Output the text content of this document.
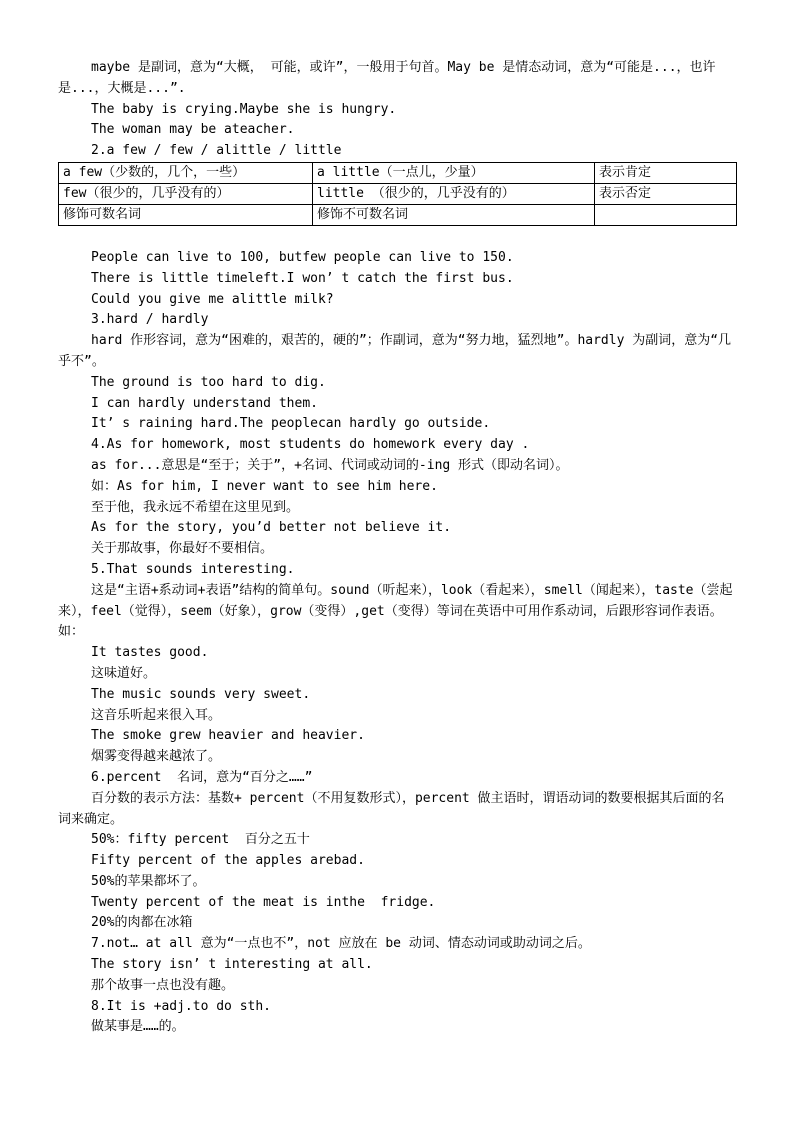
maybe 是副词，意为“大概， 可能，或许”，一般用于句首。May be 是情态动词，意为“可能是...，也许是...，大概是...”.

The baby is crying.Maybe she is hungry.

The woman may be ateacher.

2.a few / few / alittle / little

a few（少数的，几个，一些）	a little（一点儿，少量）	表示肯定
few（很少的，几乎没有的）	little （很少的，几乎没有的）	表示否定
修饰可数名词	修饰不可数名词	

People can live to 100, butfew people can live to 150.

There is little timeleft.I won’ t catch the first bus.

Could you give me alittle milk?

3.hard / hardly

hard 作形容词，意为“困难的，艰苦的，硬的”；作副词，意为“努力地，猛烈地”。hardly 为副词，意为“几乎不”。

The ground is too hard to dig.

I can hardly understand them.

It’ s raining hard.The peoplecan hardly go outside.

4.As for homework, most students do homework every day .

as for...意思是“至于；关于”，+名词、代词或动词的-ing 形式（即动名词）。

如：As for him, I never want to see him here.

至于他，我永远不希望在这里见到。

As for the story, you’d better not believe it.

关于那故事，你最好不要相信。

5.That sounds interesting.

这是“主语+系动词+表语”结构的简单句。sound（听起来），look（看起来），smell（闻起来），taste（尝起来），feel（觉得），seem（好象），grow（变得）,get（变得）等词在英语中可用作系动词，后跟形容词作表语。如：

It tastes good.

这味道好。

The music sounds very sweet.

这音乐听起来很入耳。

The smoke grew heavier and heavier.

烟雾变得越来越浓了。

6.percent  名词，意为“百分之……”

百分数的表示方法：基数+ percent（不用复数形式），percent 做主语时，谓语动词的数要根据其后面的名词来确定。

50%：fifty percent  百分之五十

Fifty percent of the apples arebad.

50%的苹果都坏了。

Twenty percent of the meat is inthe  fridge.

20%的肉都在冰箱

7.not… at all 意为“一点也不”，not 应放在 be 动词、情态动词或助动词之后。

The story isn’ t interesting at all.

那个故事一点也没有趣。

8.It is +adj.to do sth.

做某事是……的。
